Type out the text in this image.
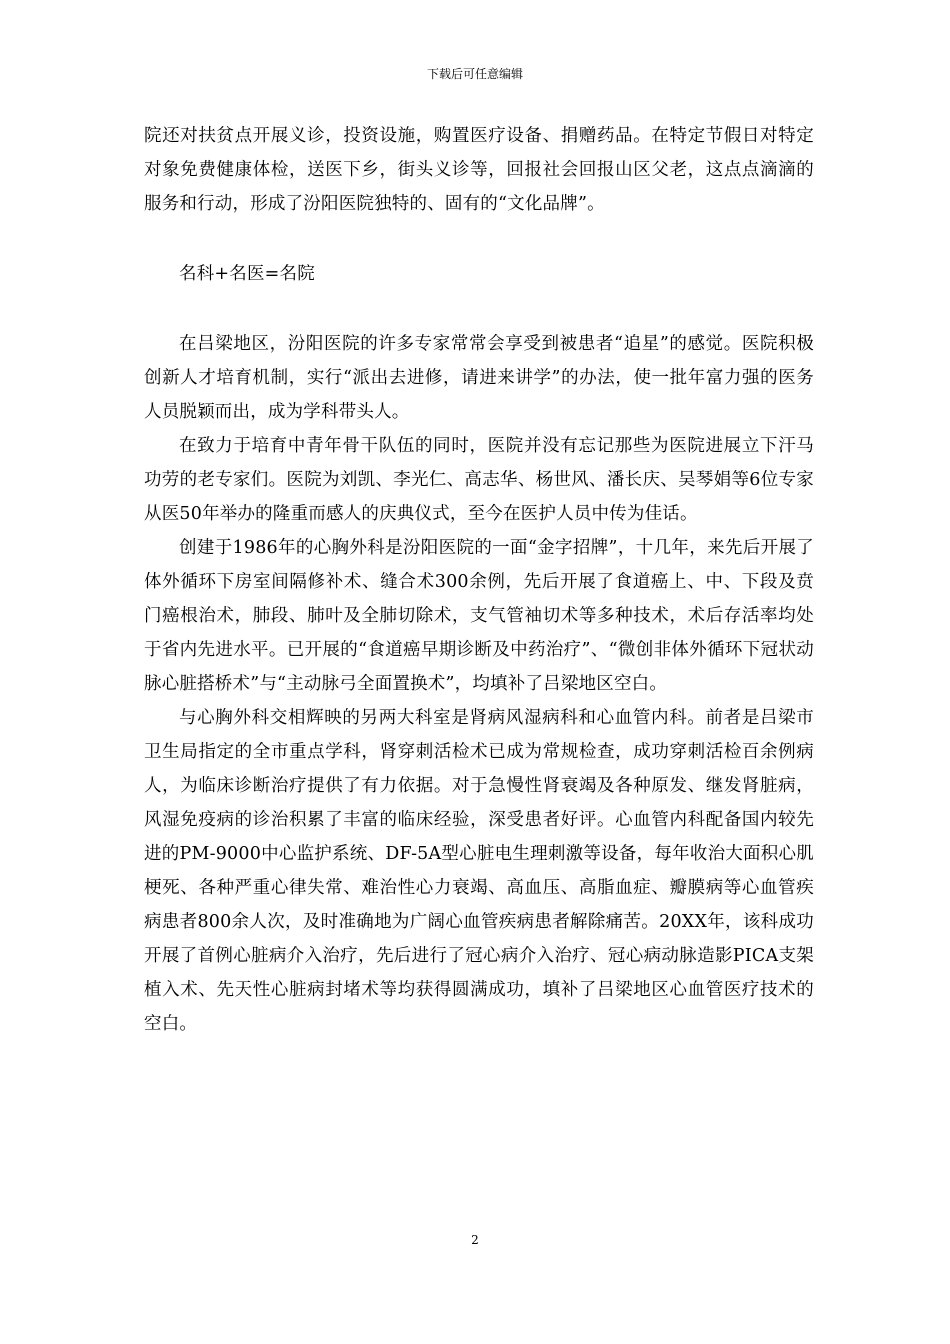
下载后可任意编辑

院还对扶贫点开展义诊，投资设施，购置医疗设备、捐赠药品。在特定节假日对特定对象免费健康体检，送医下乡，街头义诊等，回报社会回报山区父老，这点点滴滴的服务和行动，形成了汾阳医院独特的、固有的“文化品牌”。

名科+名医=名院

在吕梁地区，汾阳医院的许多专家常常会享受到被患者“追星”的感觉。医院积极创新人才培育机制，实行“派出去进修，请进来讲学”的办法，使一批年富力强的医务人员脱颖而出，成为学科带头人。

在致力于培育中青年骨干队伍的同时，医院并没有忘记那些为医院进展立下汗马功劳的老专家们。医院为刘凯、李光仁、高志华、杨世风、潘长庆、吴琴娟等6位专家从医50年举办的隆重而感人的庆典仪式，至今在医护人员中传为佳话。

创建于1986年的心胸外科是汾阳医院的一面“金字招牌”，十几年，来先后开展了体外循环下房室间隔修补术、缝合术300余例，先后开展了食道癌上、中、下段及贲门癌根治术，肺段、肺叶及全肺切除术，支气管袖切术等多种技术，术后存活率均处于省内先进水平。已开展的“食道癌早期诊断及中药治疗”、“微创非体外循环下冠状动脉心脏搭桥术”与“主动脉弓全面置换术”，均填补了吕梁地区空白。

与心胸外科交相辉映的另两大科室是肾病风湿病科和心血管内科。前者是吕梁市卫生局指定的全市重点学科，肾穿刺活检术已成为常规检查，成功穿刺活检百余例病人，为临床诊断治疗提供了有力依据。对于急慢性肾衰竭及各种原发、继发肾脏病，风湿免疫病的诊治积累了丰富的临床经验，深受患者好评。心血管内科配备国内较先进的PM-9000中心监护系统、DF-5A型心脏电生理刺激等设备，每年收治大面积心肌梗死、各种严重心律失常、难治性心力衰竭、高血压、高脂血症、瓣膜病等心血管疾病患者800余人次，及时准确地为广阔心血管疾病患者解除痛苦。20XX年，该科成功开展了首例心脏病介入治疗，先后进行了冠心病介入治疗、冠心病动脉造影PICA支架植入术、先天性心脏病封堵术等均获得圆满成功，填补了吕梁地区心血管医疗技术的空白。

2
